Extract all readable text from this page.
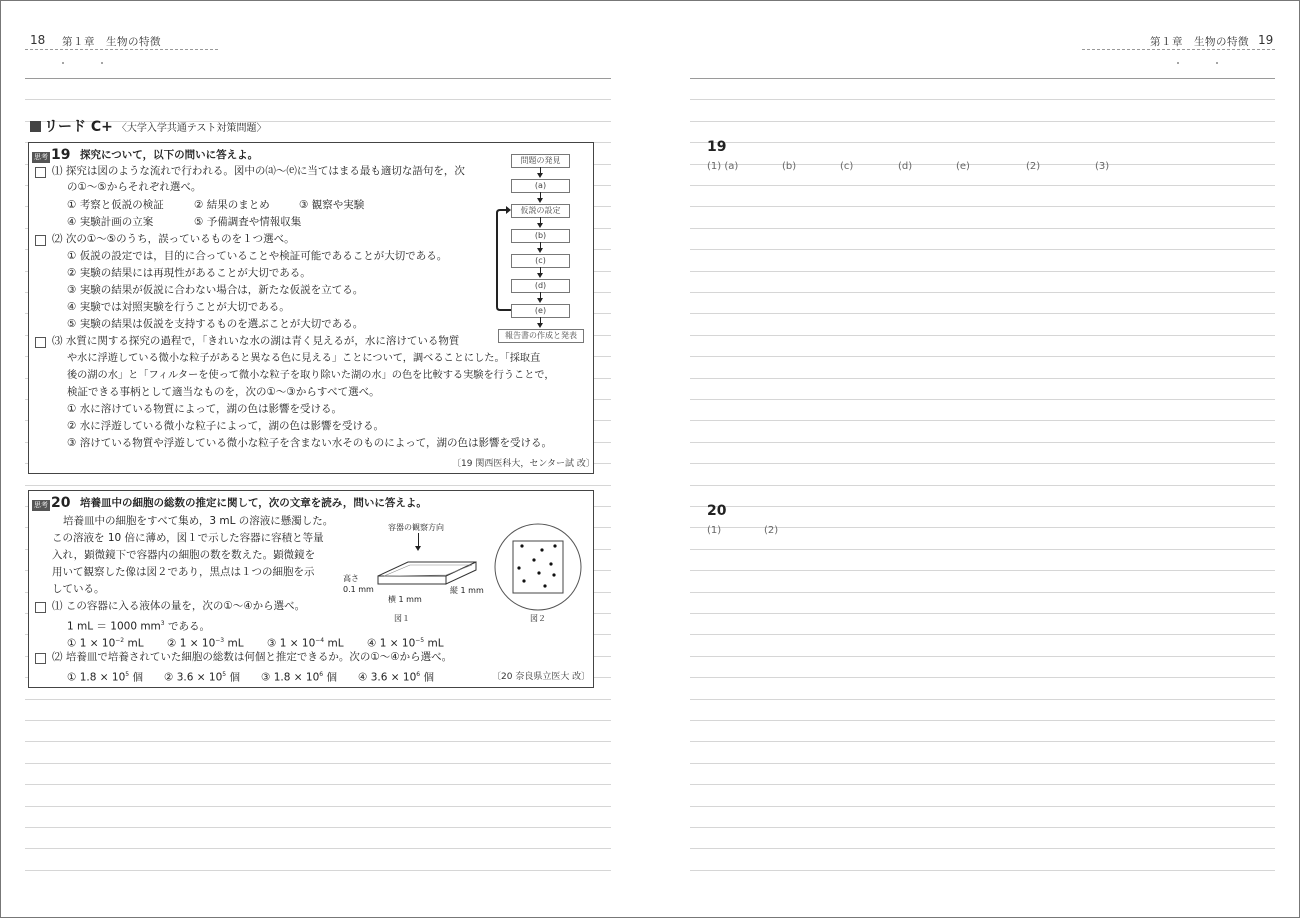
18 第１章　生物の特徴	第１章　生物の特徴 19
リード C+ 〈大学入学共通テスト対策問題〉
思考 19 探究について，以下の問いに答えよ。
⑴ 探究は図のような流れで行われる。図中の⒜～⒠に当てはまる最も適切な語句を，次
の①～⑤からそれぞれ選べ。
① 考察と仮説の検証	② 結果のまとめ	③ 観察や実験
④ 実験計画の立案	⑤ 予備調査や情報収集
⑵ 次の①～⑤のうち，誤っているものを１つ選べ。
① 仮説の設定では，目的に合っていることや検証可能であることが大切である。
② 実験の結果には再現性があることが大切である。
③ 実験の結果が仮説に合わない場合は，新たな仮説を立てる。
④ 実験では対照実験を行うことが大切である。
⑤ 実験の結果は仮説を支持するものを選ぶことが大切である。
⑶ 水質に関する探究の過程で，「きれいな水の湖は青く見えるが，水に溶けている物質
や水に浮遊している微小な粒子があると異なる色に見える」ことについて，調べることにした。「採取直
後の湖の水」と「フィルターを使って微小な粒子を取り除いた湖の水」の色を比較する実験を行うことで，
検証できる事柄として適当なものを，次の①～③からすべて選べ。
① 水に溶けている物質によって，湖の色は影響を受ける。
② 水に浮遊している微小な粒子によって，湖の色は影響を受ける。
③ 溶けている物質や浮遊している微小な粒子を含まない水そのものによって，湖の色は影響を受ける。
〔19 関西医科大，センター試 改〕
問題の発見
(a)
仮説の設定
(b)
(c)
(d)
(e)
報告書の作成と発表
思考 20 培養皿中の細胞の総数の推定に関して，次の文章を読み，問いに答えよ。
培養皿中の細胞をすべて集め，3 mL の溶液に懸濁した。
この溶液を 10 倍に薄め，図１で示した容器に容積と等量
入れ，顕微鏡下で容器内の細胞の数を数えた。顕微鏡を
用いて観察した像は図２であり，黒点は１つの細胞を示
している。
⑴ この容器に入る液体の量を，次の①～④から選べ。
1 mL ＝ 1000 $mm^3$ である。
① $1 \times 10^{-2}$ mL ② $1 \times 10^{-3}$ mL ③ $1 \times 10^{-4}$ mL ④ $1 \times 10^{-5}$ mL
⑵ 培養皿で培養されていた細胞の総数は何個と推定できるか。次の①～④から選べ。
① $1.8 \times 10^5$ 個 ② $3.6 \times 10^5$ 個 ③ $1.8 \times 10^6$ 個 ④ $3.6 \times 10^6$ 個	〔20 奈良県立医大 改〕
容器の観察方向
高さ
0.1 mm
横 1 mm
縦 1 mm
図１	図２
19
(1) (a)	(b)	(c)	(d)	(e)	(2)	(3)
20
(1)	(2)
